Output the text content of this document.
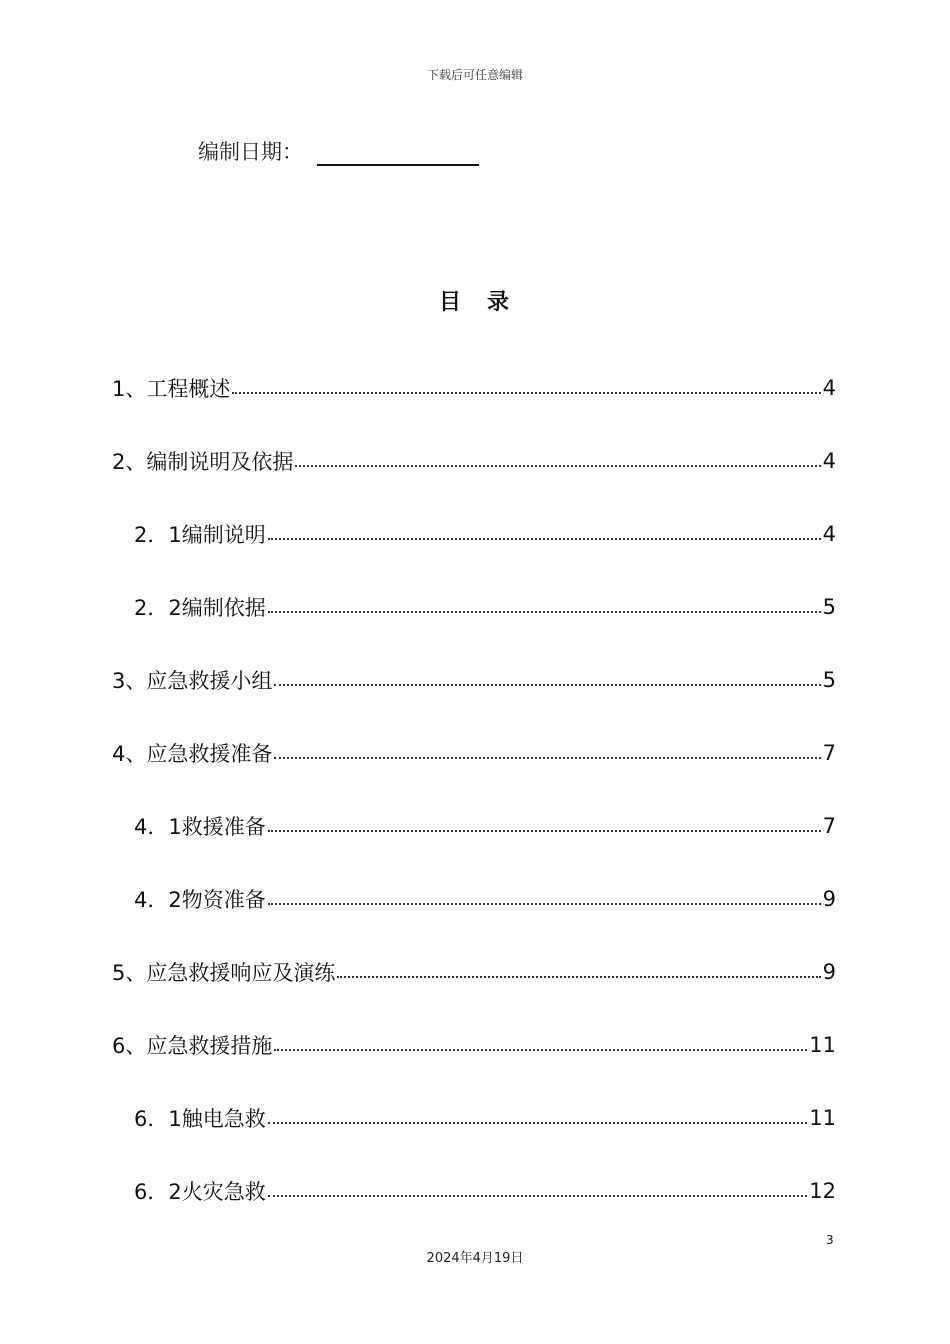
下载后可任意编辑
编制日期：
目　录
1、工程概述	4
2、编制说明及依据	4
2．1编制说明	4
2．2编制依据	5
3、应急救援小组	5
4、应急救援准备	7
4．1救援准备	7
4．2物资准备	9
5、应急救援响应及演练	9
6、应急救援措施	11
6．1触电急救	11
6．2火灾急救	12
3
2024年4月19日
